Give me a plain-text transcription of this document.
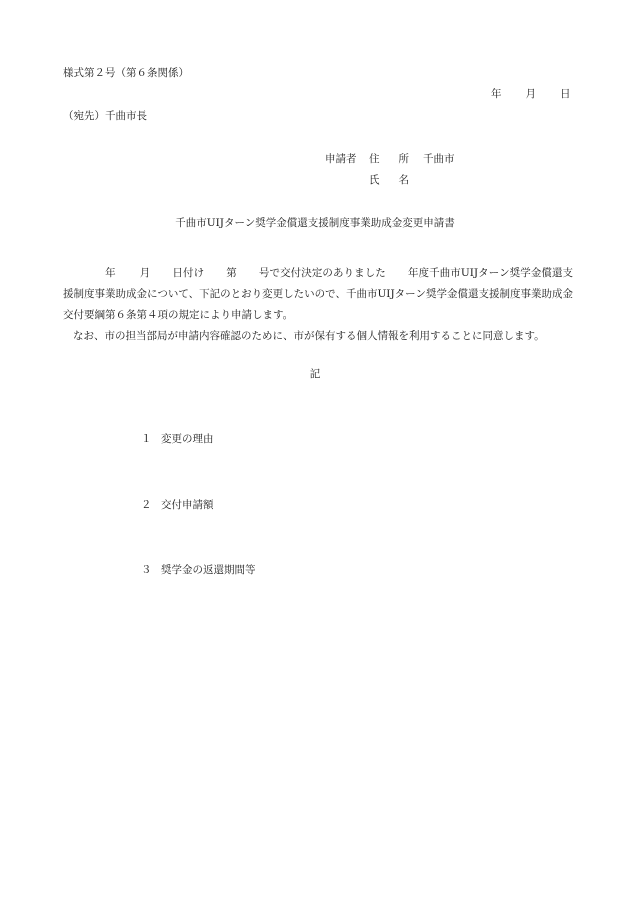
様式第２号（第６条関係）
年 月 日
（宛先）千曲市長
申請者 住 所 千曲市
氏 名
千曲市UIJターン奨学金償還支援制度事業助成金変更申請書

年 月 日付け 第 号で交付決定のありました 年度千曲市UIJターン奨学金償還支援制度事業助成金について、下記のとおり変更したいので、千曲市UIJターン奨学金償還支援制度事業助成金交付要綱第６条第４項の規定により申請します。

なお、市の担当部局が申請内容確認のために、市が保有する個人情報を利用することに同意します。

記
１ 変更の理由
２ 交付申請額
３ 奨学金の返還期間等
